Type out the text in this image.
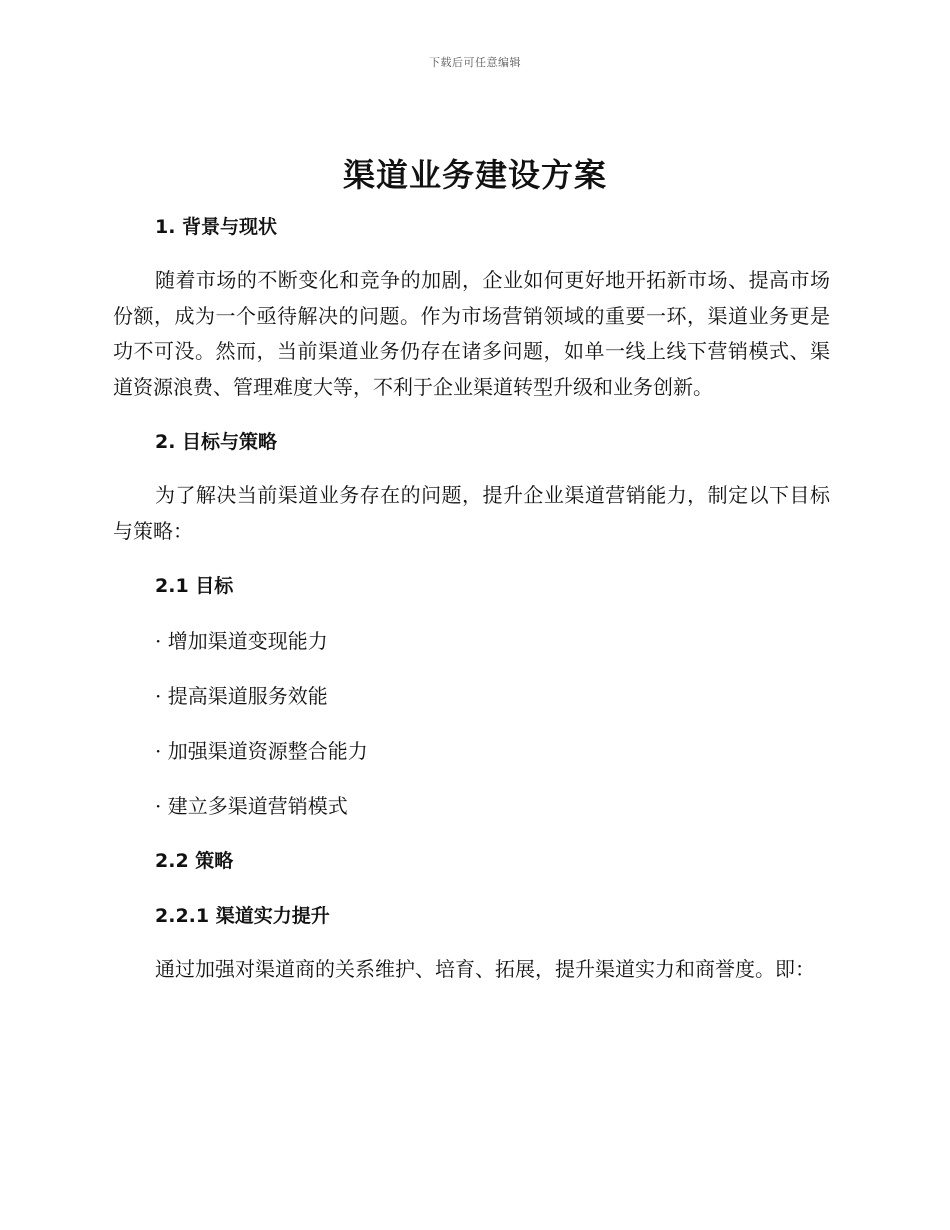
下载后可任意编辑
渠道业务建设方案
1. 背景与现状

随着市场的不断变化和竞争的加剧，企业如何更好地开拓新市场、提高市场份额，成为一个亟待解决的问题。作为市场营销领域的重要一环，渠道业务更是功不可没。然而，当前渠道业务仍存在诸多问题，如单一线上线下营销模式、渠道资源浪费、管理难度大等，不利于企业渠道转型升级和业务创新。

2. 目标与策略

为了解决当前渠道业务存在的问题，提升企业渠道营销能力，制定以下目标与策略：

2.1 目标
· 增加渠道变现能力
· 提高渠道服务效能
· 加强渠道资源整合能力
· 建立多渠道营销模式
2.2 策略
2.2.1 渠道实力提升

通过加强对渠道商的关系维护、培育、拓展，提升渠道实力和商誉度。即：
